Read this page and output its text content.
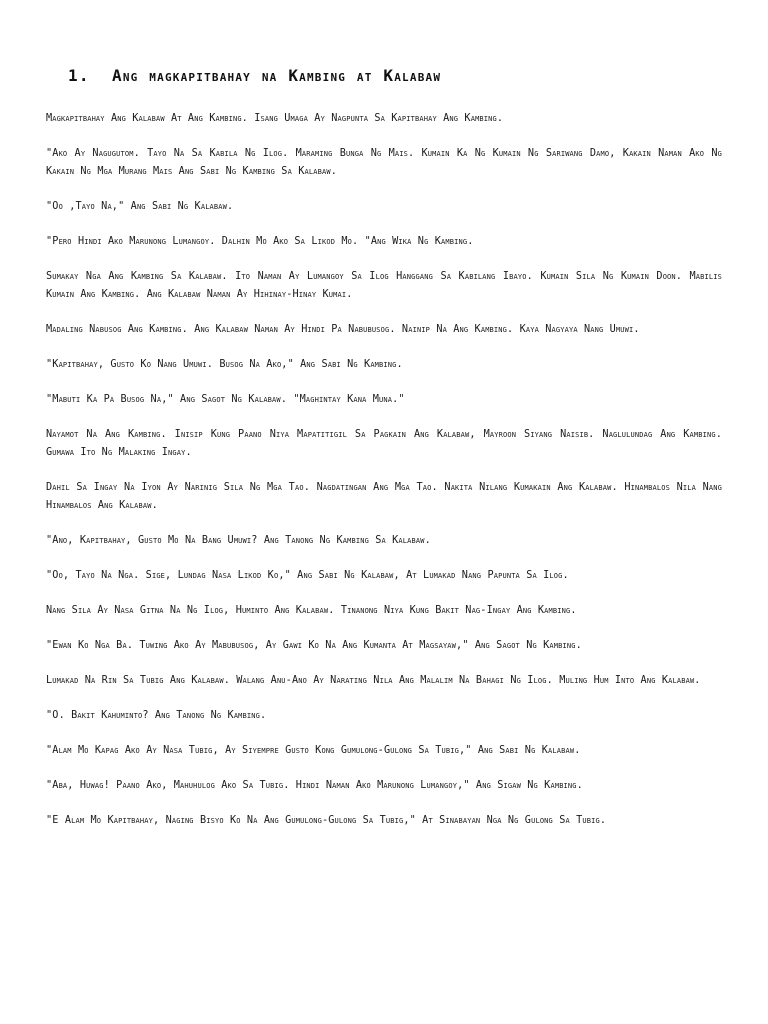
1. Ang magkapitbahay na Kambing at Kalabaw

Magkapitbahay Ang Kalabaw At Ang Kambing. Isang Umaga Ay Nagpunta Sa Kapitbahay Ang Kambing.

"Ako Ay Nagugutom. Tayo Na Sa Kabila Ng Ilog. Maraming Bunga Ng Mais. Kumain Ka Ng Kumain Ng Sariwang Damo, Kakain Naman Ako Ng Kakain Ng Mga Murang Mais Ang Sabi Ng Kambing Sa Kalabaw.

"Oo ,Tayo Na," Ang Sabi Ng Kalabaw.

"Pero Hindi Ako Marunong Lumangoy. Dalhin Mo Ako Sa Likod Mo. "Ang Wika Ng Kambing.

Sumakay Nga Ang Kambing Sa Kalabaw. Ito Naman Ay Lumangoy Sa Ilog Hanggang Sa Kabilang Ibayo. Kumain Sila Ng Kumain Doon. Mabilis Kumain Ang Kambing. Ang Kalabaw Naman Ay Hihinay-Hinay Kumai.

Madaling Nabusog Ang Kambing. Ang Kalabaw Naman Ay Hindi Pa Nabubusog. Nainip Na Ang Kambing. Kaya Nagyaya Nang Umuwi.

"Kapitbahay, Gusto Ko Nang Umuwi. Busog Na Ako," Ang Sabi Ng Kambing.

"Mabuti Ka Pa Busog Na," Ang Sagot Ng Kalabaw. "Maghintay Kana Muna."

Nayamot Na Ang Kambing. Inisip Kung Paano Niya Mapatitigil Sa Pagkain Ang Kalabaw, Mayroon Siyang Naisib. Naglulundag Ang Kambing. Gumawa Ito Ng Malaking Ingay.

Dahil Sa Ingay Na Iyon Ay Narinig Sila Ng Mga Tao. Nagdatingan Ang Mga Tao. Nakita Nilang Kumakain Ang Kalabaw. Hinambalos Nila Nang Hinambalos Ang Kalabaw.

"Ano, Kapitbahay, Gusto Mo Na Bang Umuwi? Ang Tanong Ng Kambing Sa Kalabaw.

"Oo, Tayo Na Nga. Sige, Lundag Nasa Likod Ko," Ang Sabi Ng Kalabaw, At Lumakad Nang Papunta Sa Ilog.

Nang Sila Ay Nasa Gitna Na Ng Ilog, Huminto Ang Kalabaw. Tinanong Niya Kung Bakit Nag-Ingay Ang Kambing.

"Ewan Ko Nga Ba. Tuwing Ako Ay Mabubusog, Ay Gawi Ko Na Ang Kumanta At Magsayaw," Ang Sagot Ng Kambing.

Lumakad Na Rin Sa Tubig Ang Kalabaw. Walang Anu-Ano Ay Narating Nila Ang Malalim Na Bahagi Ng Ilog. Muling Hum Into Ang Kalabaw.

"O. Bakit Kahuminto? Ang Tanong Ng Kambing.

"Alam Mo Kapag Ako Ay Nasa Tubig, Ay Siyempre Gusto Kong Gumulong-Gulong Sa Tubig," Ang Sabi Ng Kalabaw.

"Aba, Huwag! Paano Ako, Mahuhulog Ako Sa Tubig. Hindi Naman Ako Marunong Lumangoy," Ang Sigaw Ng Kambing.

"E Alam Mo Kapitbahay, Naging Bisyo Ko Na Ang Gumulong-Gulong Sa Tubig," At Sinabayan Nga Ng Gulong Sa Tubig.
